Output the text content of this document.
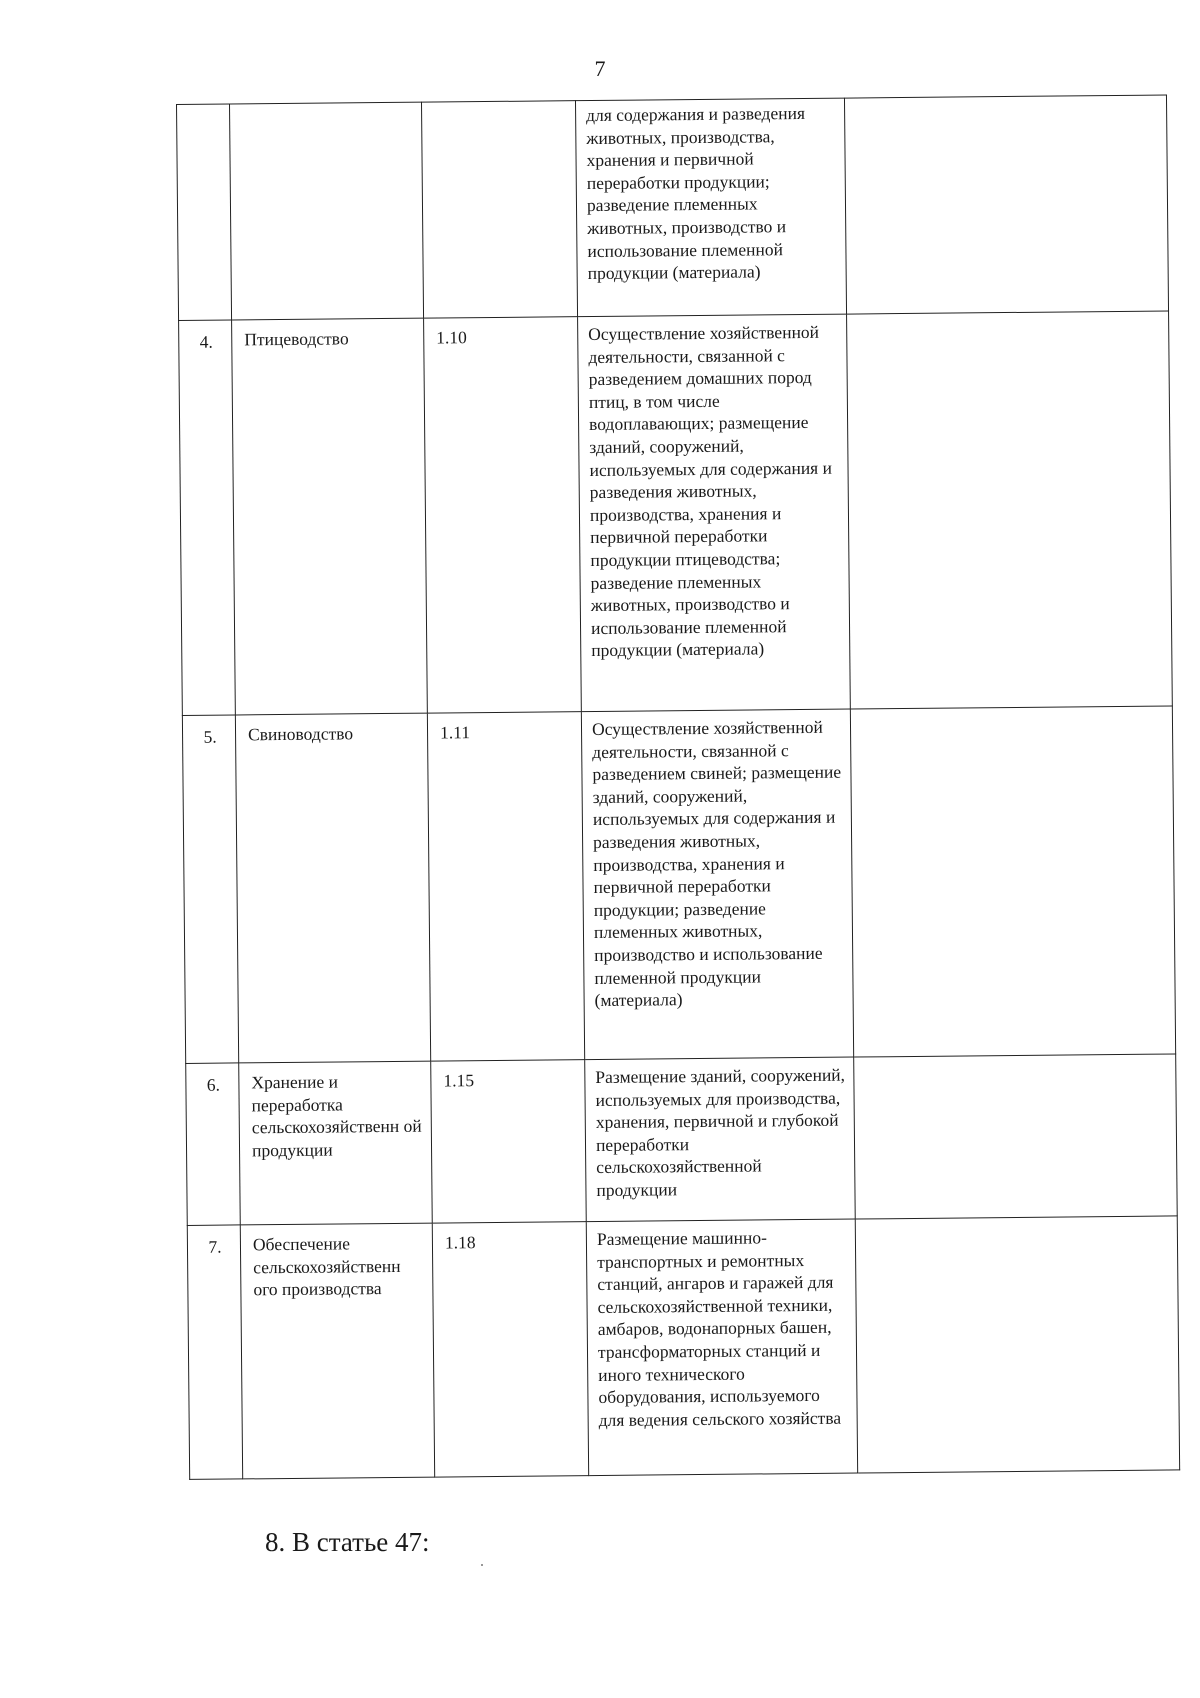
7
			для содержания и разведения животных, производства, хранения и первичной переработки продукции; разведение племенных животных, производство и использование племенной продукции (материала)	
4.	Птицеводство	1.10	Осуществление хозяйственной деятельности, связанной с разведением домашних пород птиц, в том числе водоплавающих; размещение зданий, сооружений, используемых для содержания и разведения животных, производства, хранения и первичной переработки продукции птицеводства; разведение племенных животных, производство и использование племенной продукции (материала)	
5.	Свиноводство	1.11	Осуществление хозяйственной деятельности, связанной с разведением свиней; размещение зданий, сооружений, используемых для содержания и разведения животных, производства, хранения и первичной переработки продукции; разведение племенных животных, производство и использование племенной продукции (материала)	
6.	Хранение и переработка сельскохозяйственн ой продукции	1.15	Размещение зданий, сооружений, используемых для производства, хранения, первичной и глубокой переработки сельскохозяйственной продукции	
7.	Обеспечение сельскохозяйственн ого производства	1.18	Размещение машинно-транспортных и ремонтных станций, ангаров и гаражей для сельскохозяйственной техники, амбаров, водонапорных башен, трансформаторных станций и иного технического оборудования, используемого для ведения сельского хозяйства	
8. В статье 47:
